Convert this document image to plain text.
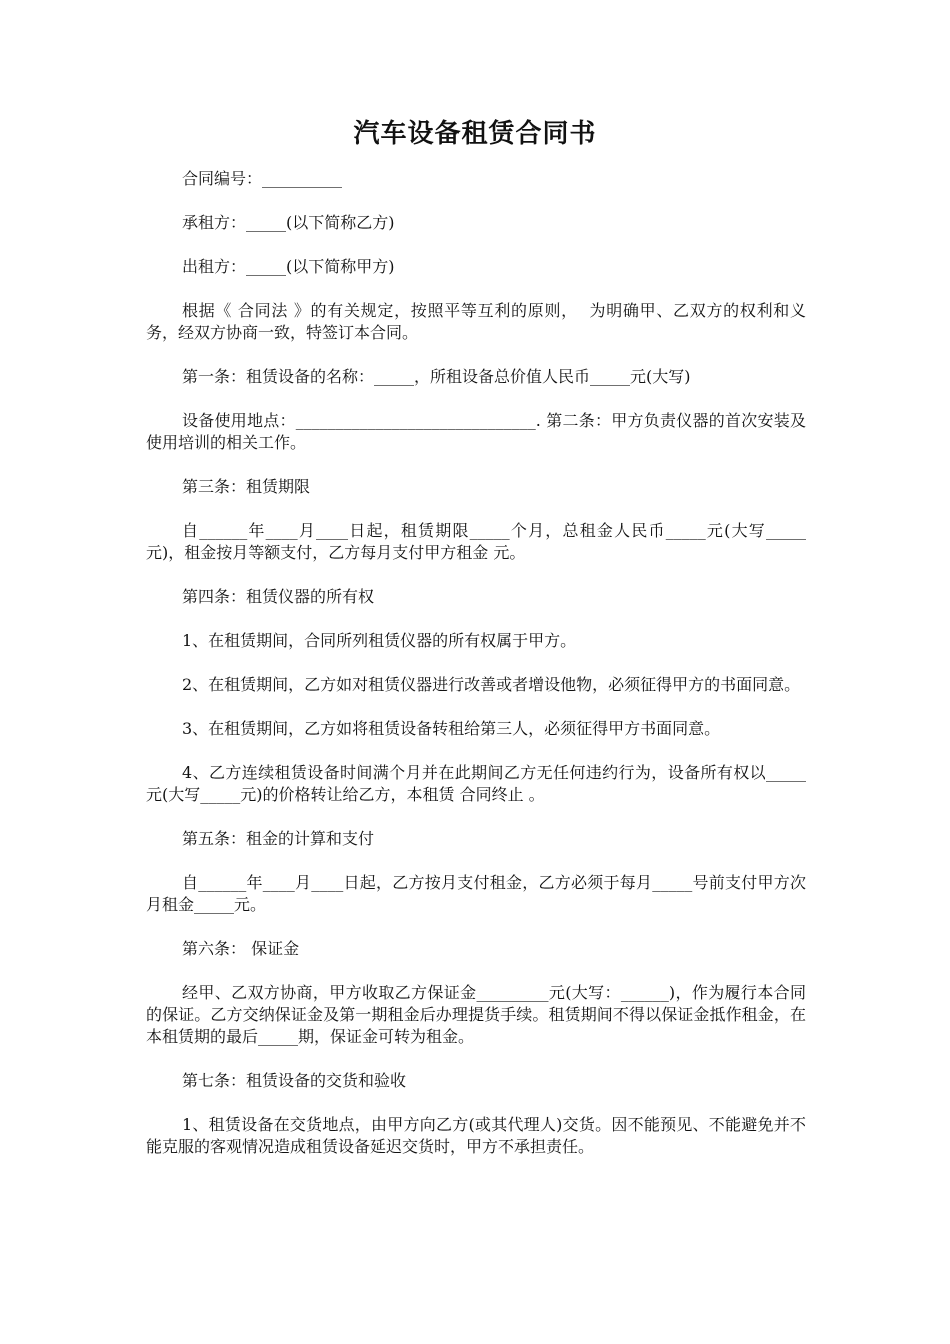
汽车设备租赁合同书

合同编号：__________

承租方：_____(以下简称乙方)

出租方：_____(以下简称甲方)

根据《 合同法 》的有关规定，按照平等互利的原则，  为明确甲、乙双方的权利和义务，经双方协商一致，特签订本合同。

第一条：租赁设备的名称：_____，所租设备总价值人民币_____元(大写)

设备使用地点：______________________________. 第二条：甲方负责仪器的首次安装及使用培训的相关工作。

第三条：租赁期限

自______年____月____日起，租赁期限_____个月，总租金人民币_____元(大写_____元)，租金按月等额支付，乙方每月支付甲方租金 元。

第四条：租赁仪器的所有权

1、在租赁期间，合同所列租赁仪器的所有权属于甲方。

2、在租赁期间，乙方如对租赁仪器进行改善或者增设他物，必须征得甲方的书面同意。

3、在租赁期间，乙方如将租赁设备转租给第三人，必须征得甲方书面同意。

4、乙方连续租赁设备时间满个月并在此期间乙方无任何违约行为，设备所有权以_____元(大写_____元)的价格转让给乙方，本租赁 合同终止 。

第五条：租金的计算和支付

自______年____月____日起，乙方按月支付租金，乙方必须于每月_____号前支付甲方次月租金_____元。

第六条： 保证金

经甲、乙双方协商，甲方收取乙方保证金_________元(大写：______)，作为履行本合同的保证。乙方交纳保证金及第一期租金后办理提货手续。租赁期间不得以保证金抵作租金，在本租赁期的最后_____期，保证金可转为租金。

第七条：租赁设备的交货和验收

1、租赁设备在交货地点，由甲方向乙方(或其代理人)交货。因不能预见、不能避免并不能克服的客观情况造成租赁设备延迟交货时，甲方不承担责任。
